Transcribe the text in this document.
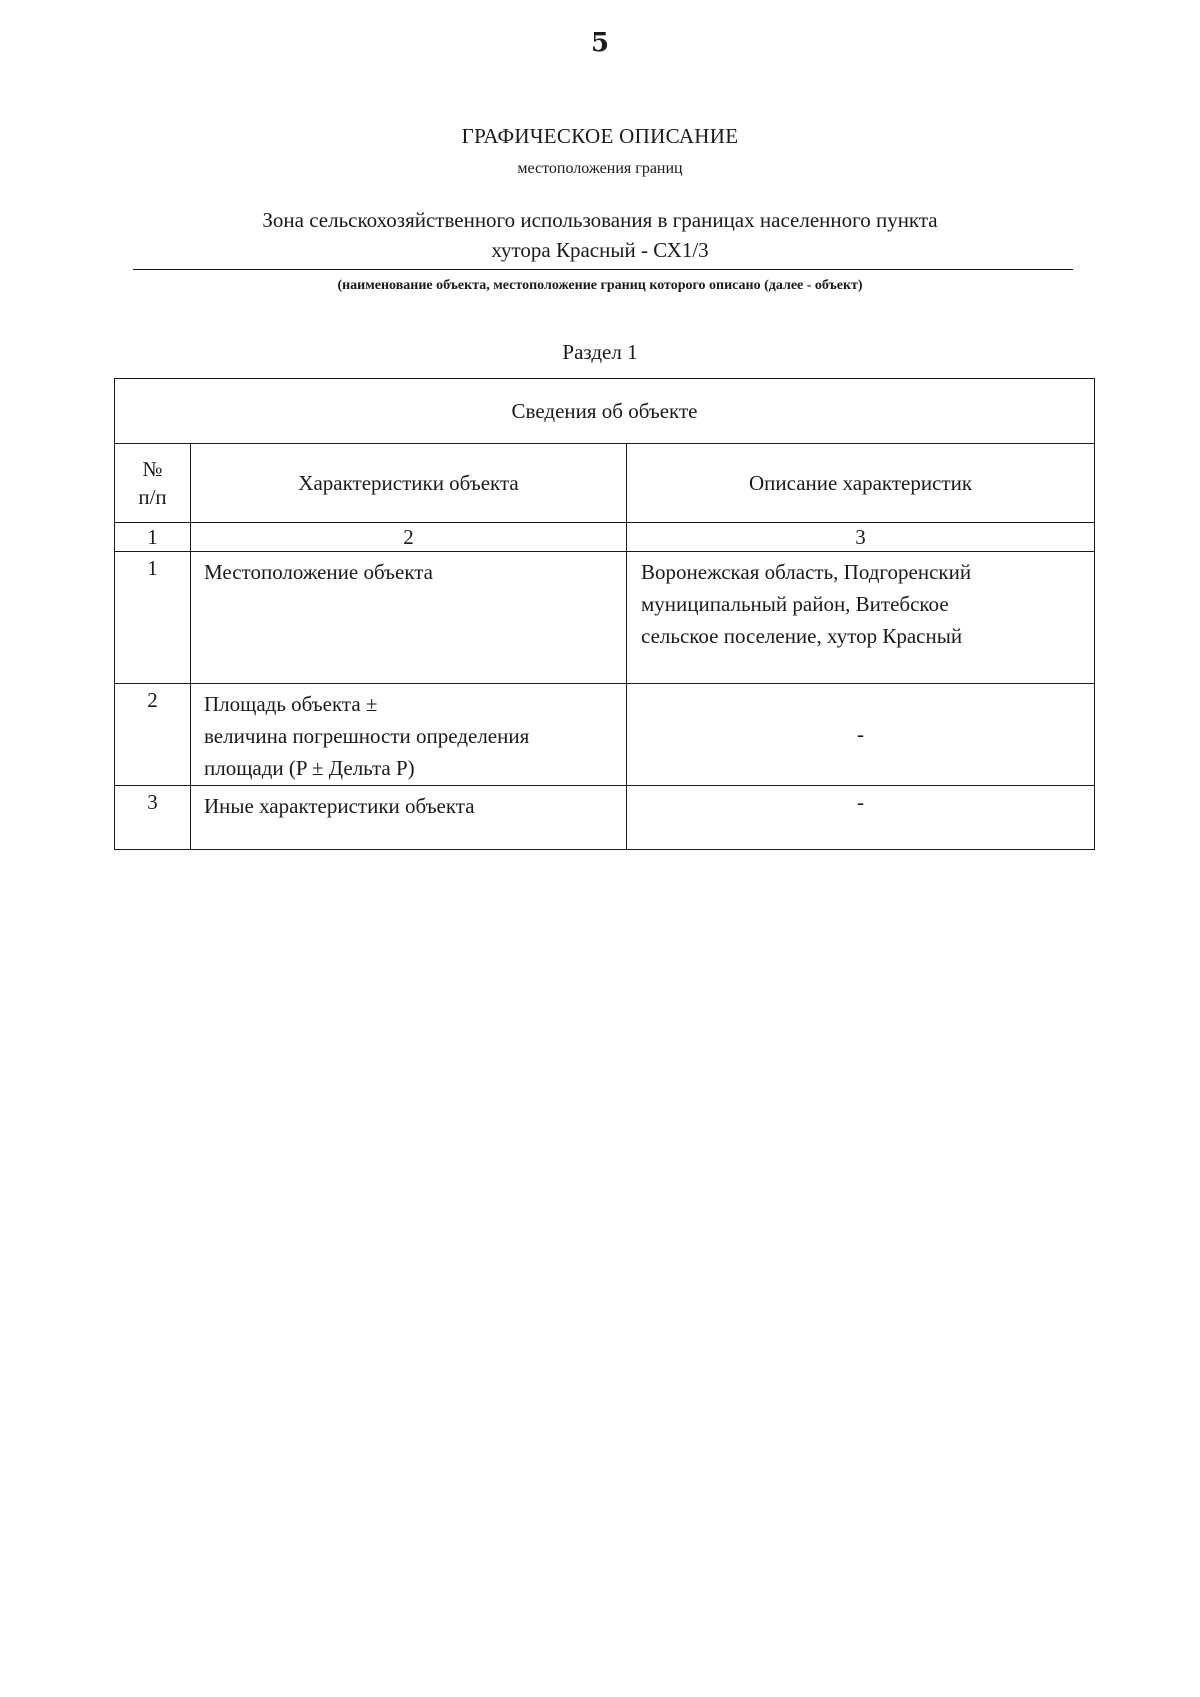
5
ГРАФИЧЕСКОЕ ОПИСАНИЕ
местоположения границ
Зона сельскохозяйственного использования в границах населенного пункта
хутора Красный - СХ1/3
(наименование объекта, местоположение границ которого описано (далее - объект)
Раздел 1
Сведения об объекте		

№
п/п	Характеристики объекта	Описание характеристик
1	2	3
1	Местоположение объекта	Воронежская область, Подгоренский
муниципальный район, Витебское
сельское поселение, хутор Красный

2	Площадь объекта ±
величина погрешности определения
площади (P ± Дельта P)	-
3	Иные характеристики объекта	-
